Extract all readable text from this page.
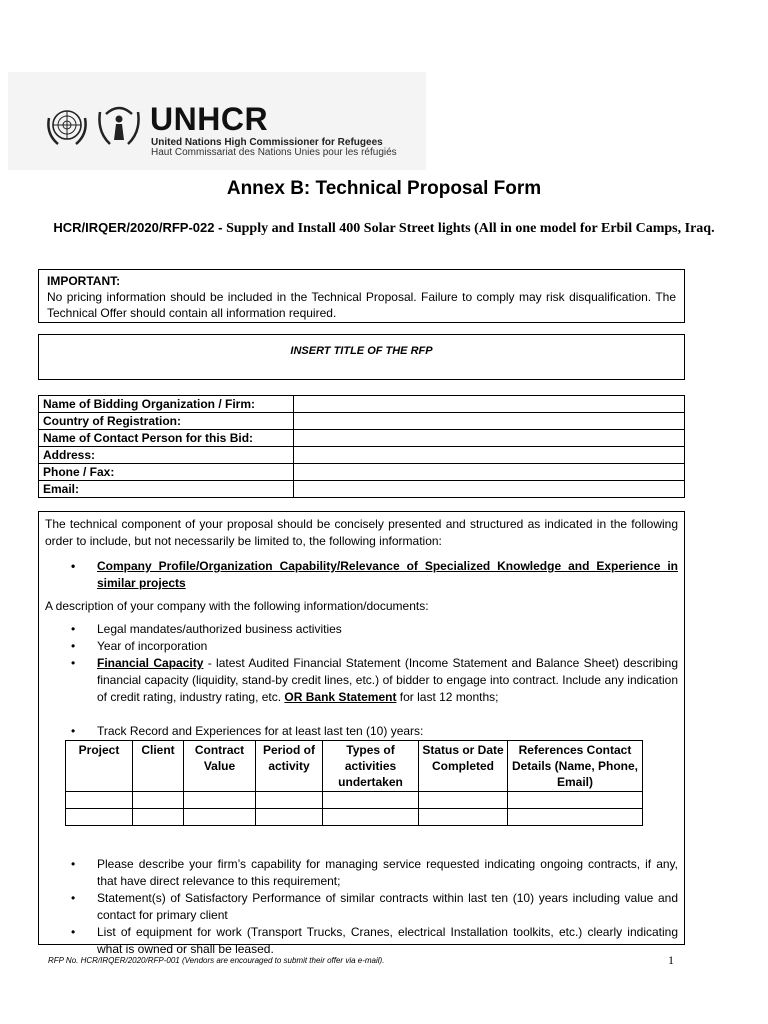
UNHCR
United Nations High Commissioner for Refugees
Haut Commissariat des Nations Unies pour les réfugiés
Annex B: Technical Proposal Form
HCR/IRQER/2020/RFP-022 - Supply and Install 400 Solar Street lights (All in one model for Erbil Camps, Iraq.
IMPORTANT:
No pricing information should be included in the Technical Proposal. Failure to comply may risk disqualification. The Technical Offer should contain all information required.
INSERT TITLE OF THE RFP
Name of Bidding Organization / Firm:	
Country of Registration:	
Name of Contact Person for this Bid:	
Address:	
Phone / Fax:	
Email:	

The technical component of your proposal should be concisely presented and structured as indicated in the following order to include, but not necessarily be limited to, the following information:

• Company Profile/Organization Capability/Relevance of Specialized Knowledge and Experience in similar projects

A description of your company with the following information/documents:

• Legal mandates/authorized business activities
• Year of incorporation
• Financial Capacity - latest Audited Financial Statement (Income Statement and Balance Sheet) describing financial capacity (liquidity, stand-by credit lines, etc.) of bidder to engage into contract. Include any indication of credit rating, industry rating, etc. OR Bank Statement for last 12 months;
• Track Record and Experiences for at least last ten (10) years:
Project	Client	Contract Value	Period of activity	Types of activities undertaken	Status or Date Completed	References Contact Details (Name, Phone, Email)

• Please describe your firm’s capability for managing service requested indicating ongoing contracts, if any, that have direct relevance to this requirement;
• Statement(s) of Satisfactory Performance of similar contracts within last ten (10) years including value and contact for primary client
• List of equipment for work (Transport Trucks, Cranes, electrical Installation toolkits, etc.) clearly indicating what is owned or shall be leased.
RFP No. HCR/IRQER/2020/RFP-001 (Vendors are encouraged to submit their offer via e-mail).	1
